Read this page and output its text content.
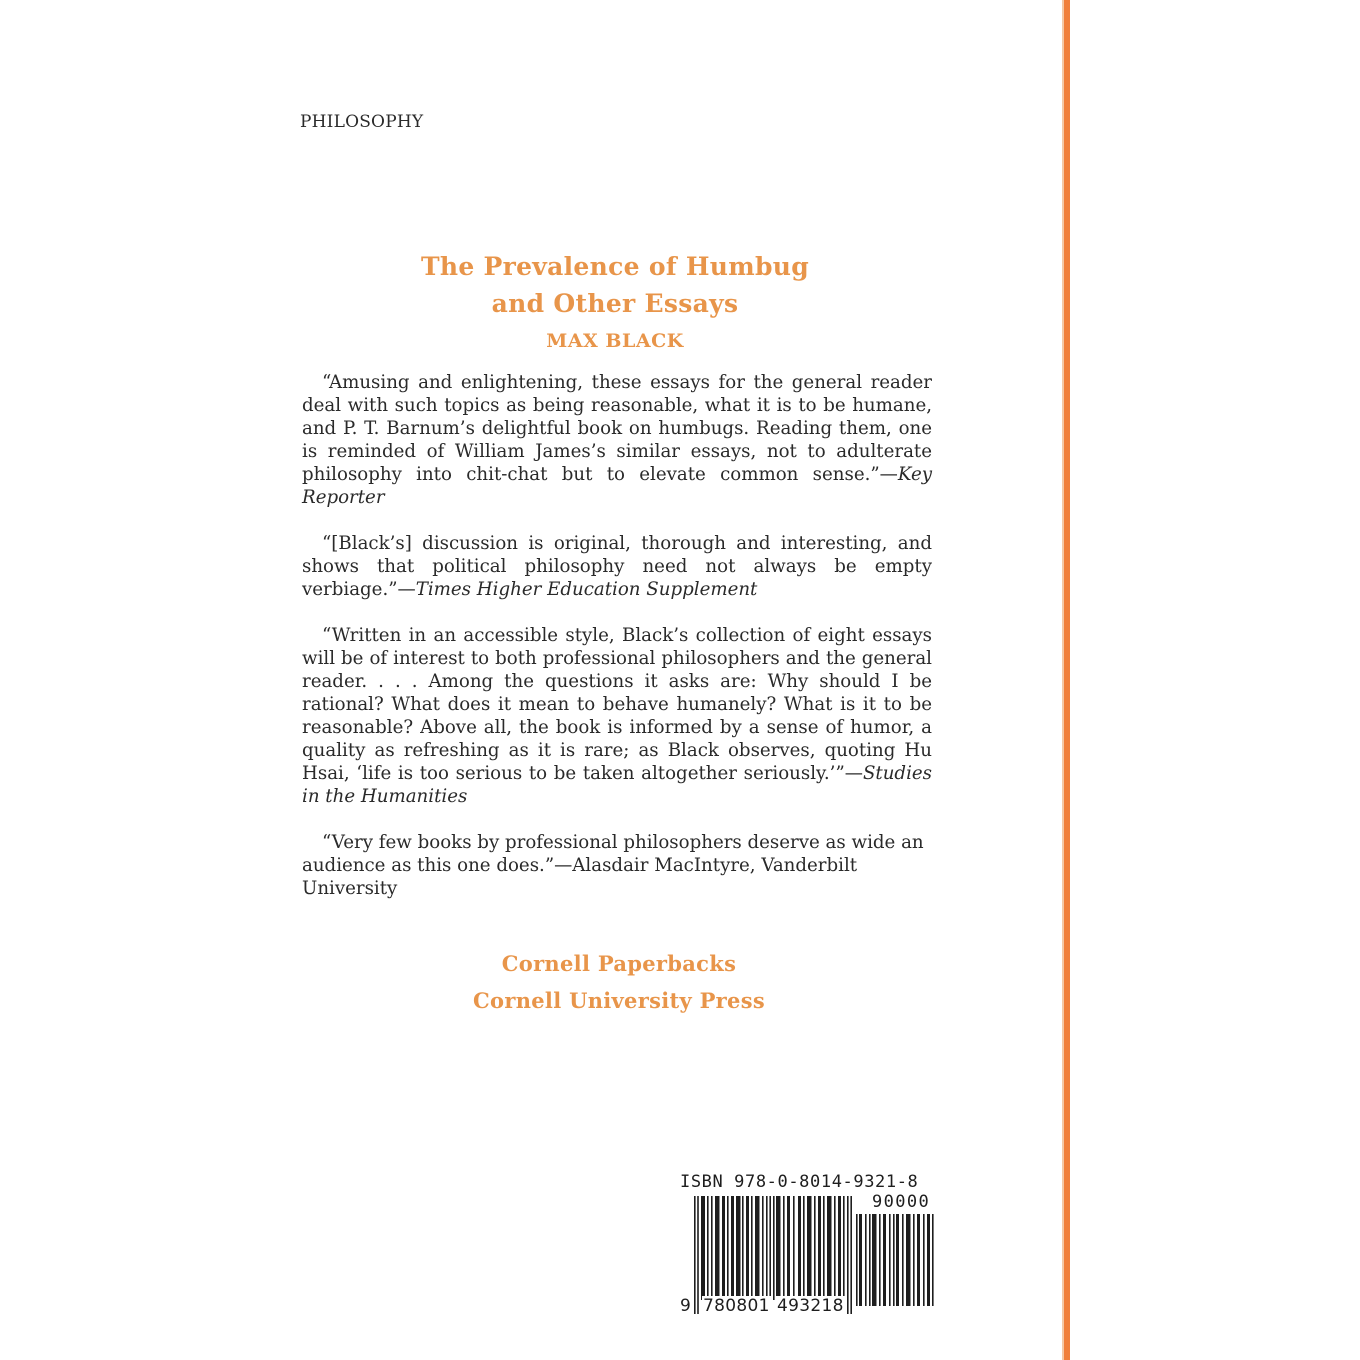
PHILOSOPHY
The Prevalence of Humbug
and Other Essays
MAX BLACK

“Amusing and enlightening, these essays for the general reader deal with such topics as being reasonable, what it is to be humane, and P. T. Barnum’s delightful book on humbugs. Reading them, one is reminded of William James’s similar essays, not to adulterate philosophy into chit-chat but to elevate common sense.”—Key Reporter

“[Black’s] discussion is original, thorough and interesting, and shows that political philosophy need not always be empty verbiage.”—Times Higher Education Supplement

“Written in an accessible style, Black’s collection of eight essays will be of interest to both professional philosophers and the general reader. . . . Among the questions it asks are: Why should I be rational? What does it mean to behave humanely? What is it to be reasonable? Above all, the book is informed by a sense of humor, a quality as refreshing as it is rare; as Black observes, quoting Hu Hsai, ‘life is too serious to be taken altogether seriously.’”—Studies in the Humanities

“Very few books by professional philosophers deserve as wide an audience as this one does.”—Alasdair MacIntyre, Vanderbilt University

Cornell Paperbacks
Cornell University Press
ISBN 978-0-8014-9321-8
90000
9 780801 493218
